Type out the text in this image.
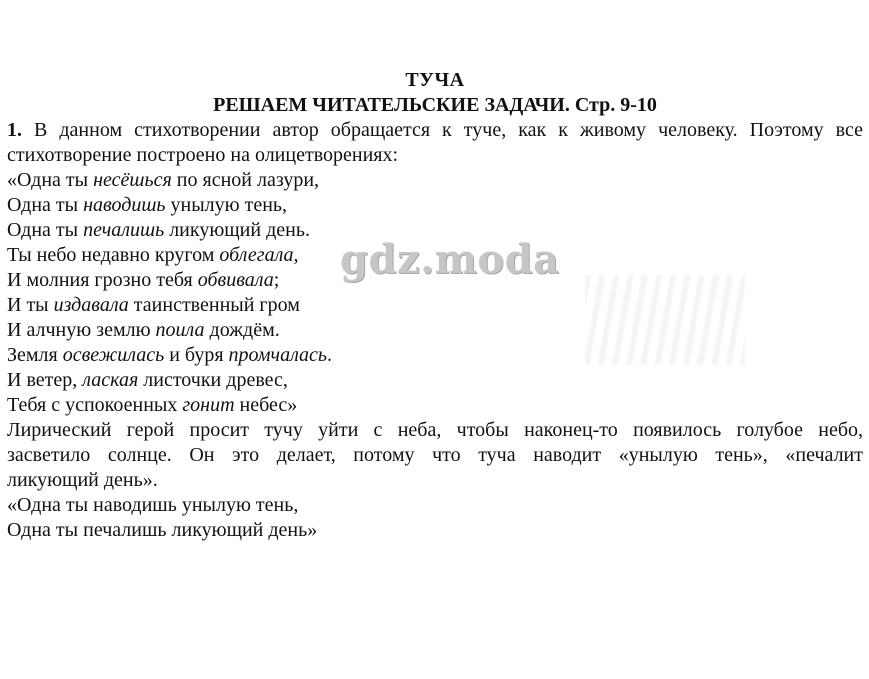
ТУЧА

РЕШАЕМ ЧИТАТЕЛЬСКИЕ ЗАДАЧИ. Стр. 9-10

1. В данном стихотворении автор обращается к туче, как к живому человеку. Поэтому все

стихотворение построено на олицетворениях:

«Одна ты несёшься по ясной лазури,

Одна ты наводишь унылую тень,

Одна ты печалишь ликующий день.

Ты небо недавно кругом облегала,

И молния грозно тебя обвивала;

И ты издавала таинственный гром

И алчную землю поила дождём.

Земля освежилась и буря промчалась.

И ветер, лаская листочки древес,

Тебя с успокоенных гонит небес»

Лирический герой просит тучу уйти с неба, чтобы наконец-то появилось голубое небо,

засветило солнце. Он это делает, потому что туча наводит «унылую тень», «печалит

ликующий день».

«Одна ты наводишь унылую тень,

Одна ты печалишь ликующий день»

gdz.moda
